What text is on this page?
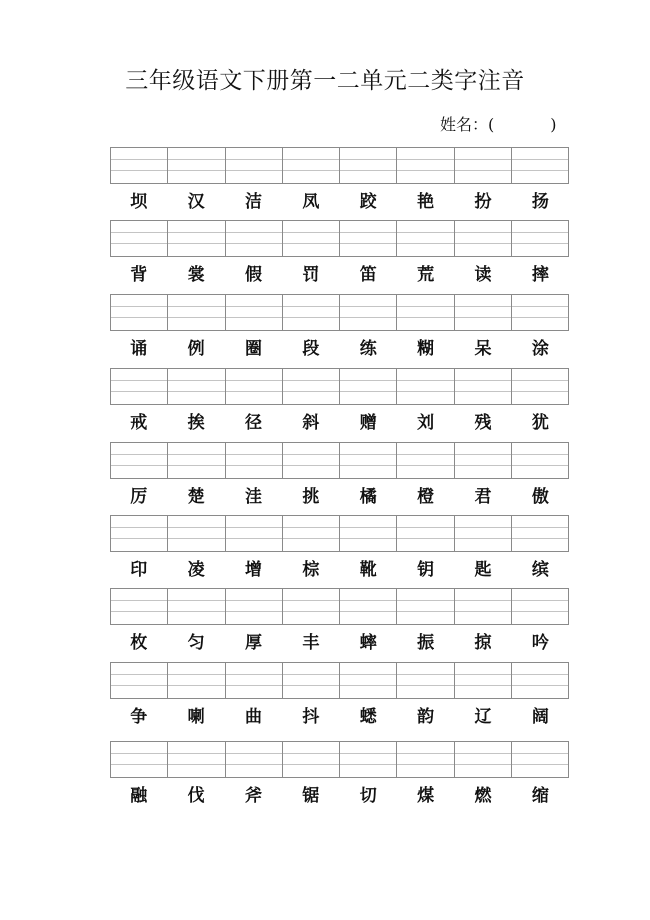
三年级语文下册第一二单元二类字注音
姓名：(           )
坝	汉	洁	凤	跤	艳	扮	扬
背	裳	假	罚	笛	荒	读	摔
诵	例	圈	段	练	糊	呆	涂
戒	挨	径	斜	赠	刘	残	犹
厉	楚	洼	挑	橘	橙	君	傲
印	凌	增	棕	靴	钥	匙	缤
枚	匀	厚	丰	蟀	振	掠	吟
争	喇	曲	抖	蟋	韵	辽	阔
融	伐	斧	锯	切	煤	燃	缩
